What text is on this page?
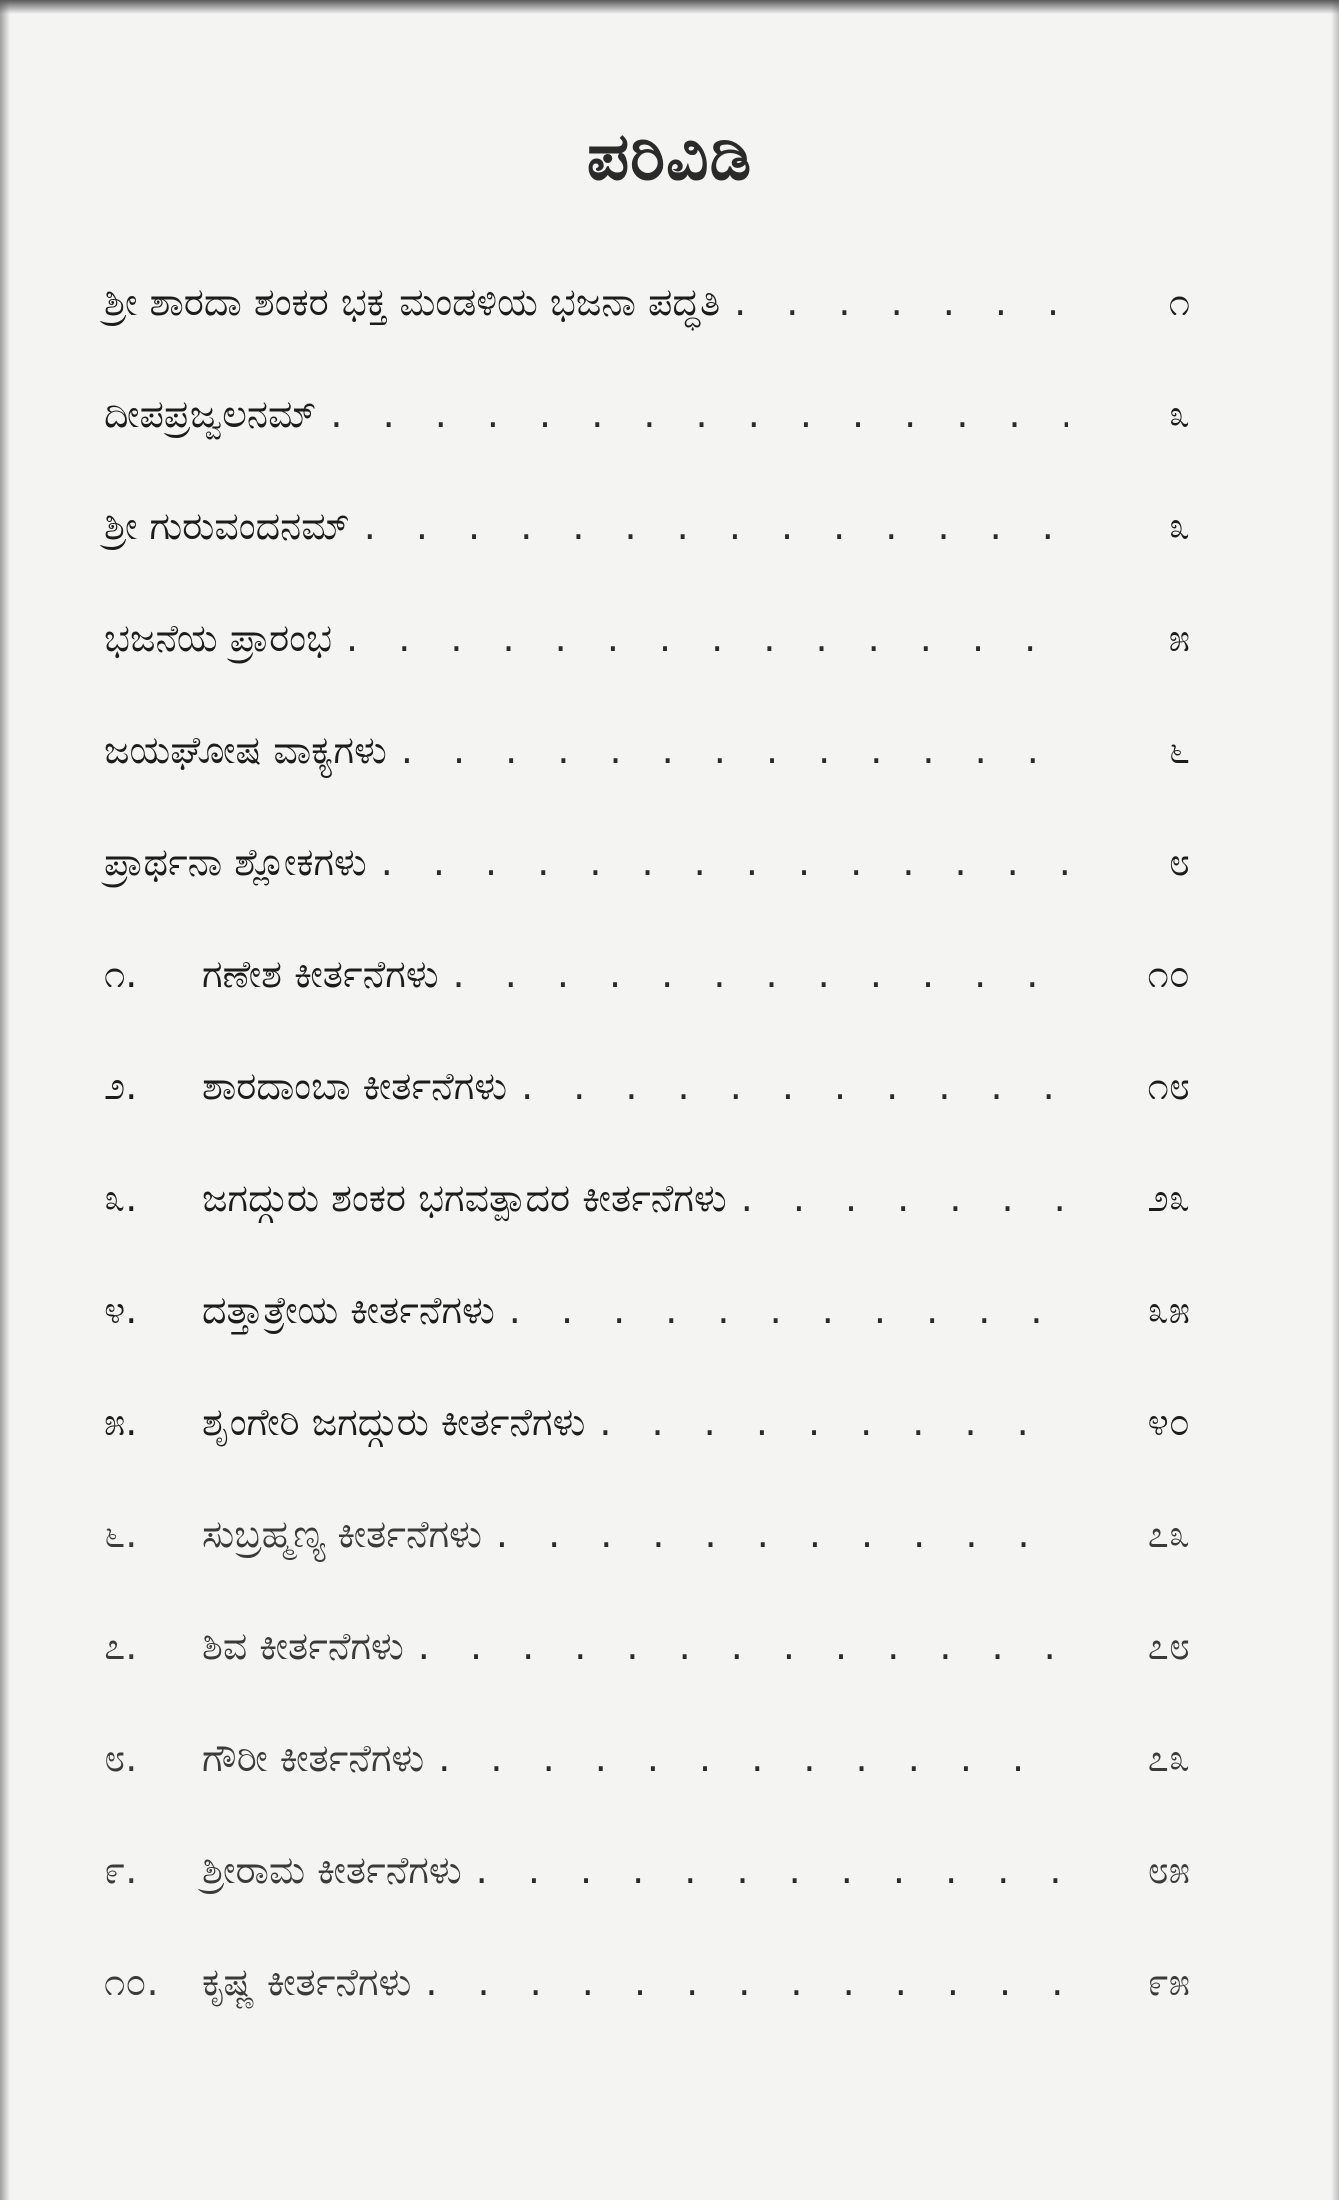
ಪರಿವಿಡಿ
ಶ್ರೀ ಶಾರದಾ ಶಂಕರ ಭಕ್ತ ಮಂಡಳಿಯ ಭಜನಾ ಪದ್ಧತಿ . . .	೧
ದೀಪಪ್ರಜ್ವಲನಮ್ . . .	೩
ಶ್ರೀ ಗುರುವಂದನಮ್ . . .	೩
ಭಜನೆಯ ಪ್ರಾರಂಭ . . .	೫
ಜಯಘೋಷ ವಾಕ್ಯಗಳು . . .	೬
ಪ್ರಾರ್ಥನಾ ಶ್ಲೋಕಗಳು . . .	೮
೧.	ಗಣೇಶ ಕೀರ್ತನೆಗಳು . . .	೧೦
೨.	ಶಾರದಾಂಬಾ ಕೀರ್ತನೆಗಳು . . .	೧೮
೩.	ಜಗದ್ಗುರು ಶಂಕರ ಭಗವತ್ಪಾದರ ಕೀರ್ತನೆಗಳು . . .	೨೩
೪.	ದತ್ತಾತ್ರೇಯ ಕೀರ್ತನೆಗಳು . . .	೩೫
೫.	ಶೃಂಗೇರಿ ಜಗದ್ಗುರು ಕೀರ್ತನೆಗಳು . . .	೪೦
೬.	ಸುಬ್ರಹ್ಮಣ್ಯ ಕೀರ್ತನೆಗಳು . . .	೭೩
೭.	ಶಿವ ಕೀರ್ತನೆಗಳು . . .	೭೮
೮.	ಗೌರೀ ಕೀರ್ತನೆಗಳು . . .	೭೩
೯.	ಶ್ರೀರಾಮ ಕೀರ್ತನೆಗಳು . . .	೮೫
೧೦.	ಕೃಷ್ಣ ಕೀರ್ತನೆಗಳು . . .	೯೫
